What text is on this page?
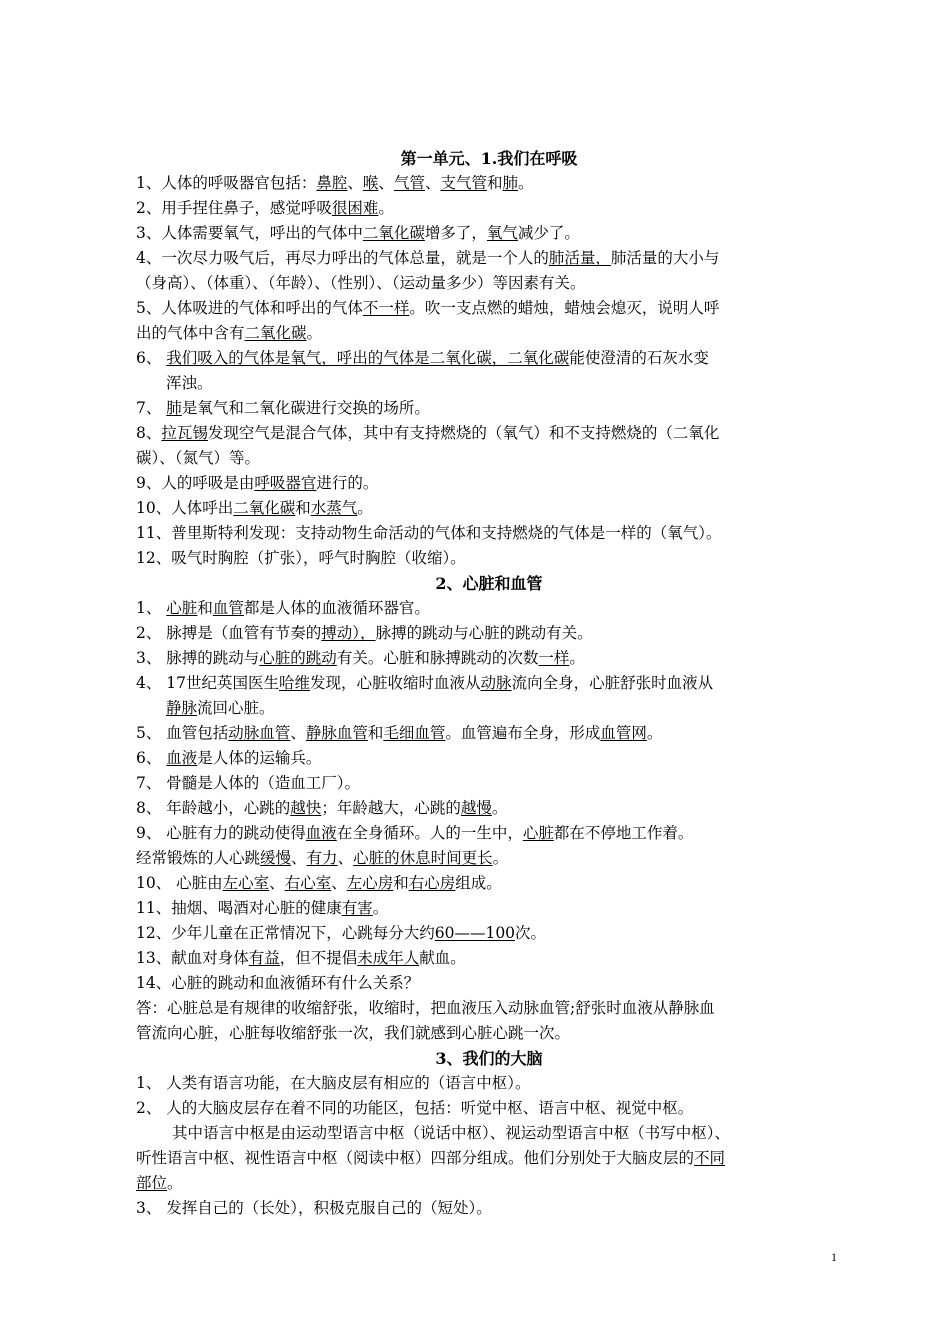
第一单元、1.我们在呼吸
1、人体的呼吸器官包括：鼻腔、喉、气管、支气管和肺。
2、用手捏住鼻子，感觉呼吸很困难。
3、人体需要氧气，呼出的气体中二氧化碳增多了，氧气减少了。
4、一次尽力吸气后，再尽力呼出的气体总量，就是一个人的肺活量，肺活量的大小与
（身高）、（体重）、（年龄）、（性别）、（运动量多少）等因素有关。
5、人体吸进的气体和呼出的气体不一样。吹一支点燃的蜡烛，蜡烛会熄灭，说明人呼
出的气体中含有二氧化碳。
6、 我们吸入的气体是氧气，呼出的气体是二氧化碳，二氧化碳能使澄清的石灰水变
浑浊。
7、 肺是氧气和二氧化碳进行交换的场所。
8、拉瓦锡发现空气是混合气体，其中有支持燃烧的（氧气）和不支持燃烧的（二氧化
碳）、（氮气）等。
9、人的呼吸是由呼吸器官进行的。
10、人体呼出二氧化碳和水蒸气。
11、普里斯特利发现：支持动物生命活动的气体和支持燃烧的气体是一样的（氧气）。
12、吸气时胸腔（扩张），呼气时胸腔（收缩）。
2、心脏和血管
1、 心脏和血管都是人体的血液循环器官。
2、 脉搏是（血管有节奏的搏动），脉搏的跳动与心脏的跳动有关。
3、 脉搏的跳动与心脏的跳动有关。心脏和脉搏跳动的次数一样。
4、 17世纪英国医生哈维发现，心脏收缩时血液从动脉流向全身，心脏舒张时血液从
静脉流回心脏。
5、 血管包括动脉血管、静脉血管和毛细血管。血管遍布全身，形成血管网。
6、 血液是人体的运输兵。
7、 骨髓是人体的（造血工厂）。
8、 年龄越小，心跳的越快；年龄越大，心跳的越慢。
9、 心脏有力的跳动使得血液在全身循环。人的一生中，心脏都在不停地工作着。
经常锻炼的人心跳缓慢、有力、心脏的休息时间更长。
10、 心脏由左心室、右心室、左心房和右心房组成。
11、抽烟、喝酒对心脏的健康有害。
12、少年儿童在正常情况下，心跳每分大约60——100次。
13、献血对身体有益，但不提倡未成年人献血。
14、心脏的跳动和血液循环有什么关系？
答：心脏总是有规律的收缩舒张，收缩时，把血液压入动脉血管;舒张时血液从静脉血
管流向心脏，心脏每收缩舒张一次，我们就感到心脏心跳一次。
3、我们的大脑
1、 人类有语言功能，在大脑皮层有相应的（语言中枢）。
2、 人的大脑皮层存在着不同的功能区，包括：听觉中枢、语言中枢、视觉中枢。
其中语言中枢是由运动型语言中枢（说话中枢）、视运动型语言中枢（书写中枢）、
听性语言中枢、视性语言中枢（阅读中枢）四部分组成。他们分别处于大脑皮层的不同
部位。
3、 发挥自己的（长处），积极克服自己的（短处）。
1
